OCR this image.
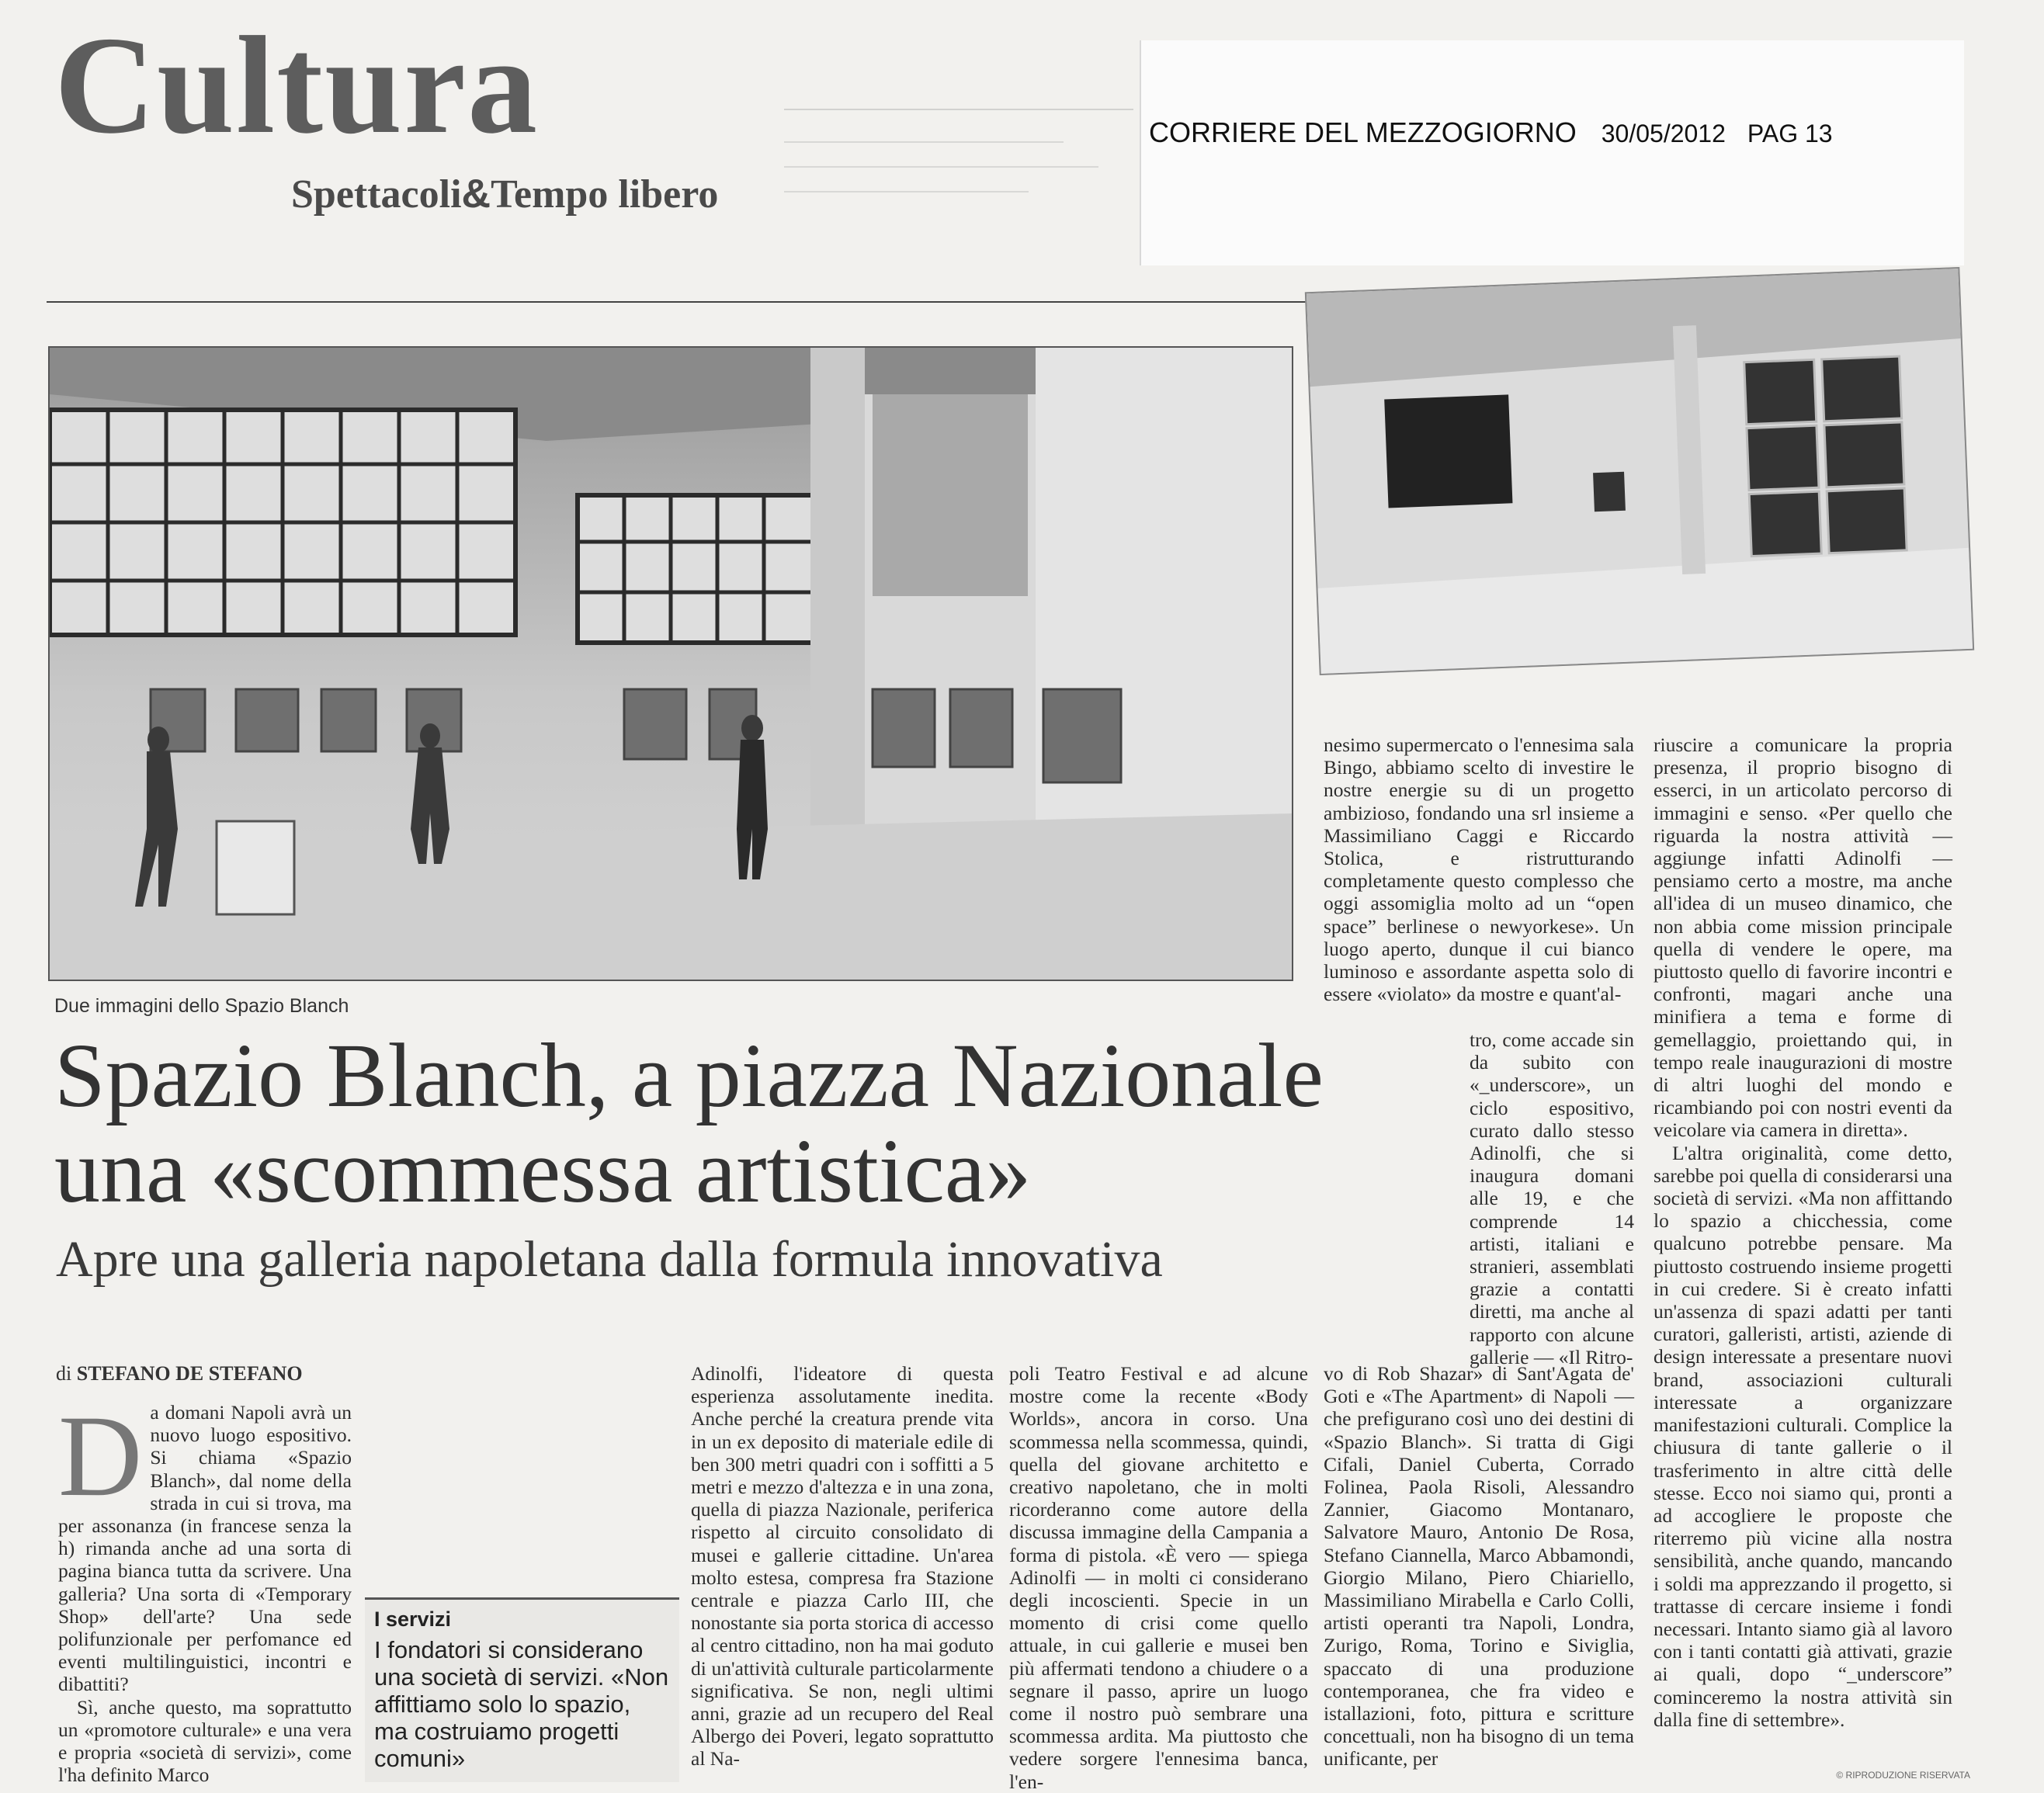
Cultura
Spettacoli&Tempo libero
CORRIERE DEL MEZZOGIORNO 30/05/2012 PAG 13
Due immagini dello Spazio Blanch
Spazio Blanch, a piazza Nazionale
una «scommessa artistica»
Apre una galleria napoletana dalla formula innovativa
di STEFANO DE STEFANO
D a domani Napoli avrà un nuovo luogo espositivo. Si chiama «Spazio Blanch», dal nome della strada in cui si trova, ma per assonanza (in francese senza la h) rimanda anche ad una sorta di pagina bianca tutta da scrivere. Una galleria? Una sorta di «Temporary Shop» dell'arte? Una sede polifunzionale per perfomance ed eventi multilinguistici, incontri e dibattiti?

Sì, anche questo, ma soprattutto un «promotore culturale» e una vera e propria «società di servizi», come l'ha definito Marco

Adinolfi, l'ideatore di questa esperienza assolutamente inedita. Anche perché la creatura prende vita in un ex deposito di materiale edile di ben 300 metri quadri con i soffitti a 5 metri e mezzo d'altezza e in una zona, quella di piazza Nazionale, periferica rispetto al circuito consolidato di musei e gallerie cittadine. Un'area molto estesa, compresa fra Stazione centrale e piazza Carlo III, che nonostante sia porta storica di accesso al centro cittadino, non ha mai goduto di un'attività culturale particolarmente significativa. Se non, negli ultimi anni, grazie ad un recupero del Real Albergo dei Poveri, legato soprattutto al Na-

I servizi
I fondatori si considerano una società di servizi. «Non affittiamo solo lo spazio, ma costruiamo progetti comuni»

poli Teatro Festival e ad alcune mostre come la recente «Body Worlds», ancora in corso. Una scommessa nella scommessa, quindi, quella del giovane architetto e creativo napoletano, che in molti ricorderanno come autore della discussa immagine della Campania a forma di pistola. «È vero — spiega Adinolfi — in molti ci considerano degli incoscienti. Specie in un momento di crisi come quello attuale, in cui gallerie e musei ben più affermati tendono a chiudere o a segnare il passo, aprire un luogo come il nostro può sembrare una scommessa ardita. Ma piuttosto che vedere sorgere l'ennesima banca, l'en-

nesimo supermercato o l'ennesima sala Bingo, abbiamo scelto di investire le nostre energie su di un progetto ambizioso, fondando una srl insieme a Massimiliano Caggi e Riccardo Stolica, e ristrutturando completamente questo complesso che oggi assomiglia molto ad un “open space” berlinese o newyorkese». Un luogo aperto, dunque il cui bianco luminoso e assordante aspetta solo di essere «violato» da mostre e quant'al-

tro, come accade sin da subito con «_underscore», un ciclo espositivo, curato dallo stesso Adinolfi, che si inaugura domani alle 19, e che comprende 14 artisti, italiani e stranieri, assemblati grazie a contatti diretti, ma anche al rapporto con alcune gallerie — «Il Ritro-

vo di Rob Shazar» di Sant'Agata de' Goti e «The Apartment» di Napoli — che prefigurano così uno dei destini di «Spazio Blanch». Si tratta di Gigi Cifali, Daniel Cuberta, Corrado Folinea, Paola Risoli, Alessandro Zannier, Giacomo Montanaro, Salvatore Mauro, Antonio De Rosa, Stefano Ciannella, Marco Abbamondi, Giorgio Milano, Piero Chiariello, Massimiliano Mirabella e Carlo Colli, artisti operanti tra Napoli, Londra, Zurigo, Roma, Torino e Siviglia, spaccato di una produzione contemporanea, che fra video e istallazioni, foto, pittura e scritture concettuali, non ha bisogno di un tema unificante, per

riuscire a comunicare la propria presenza, il proprio bisogno di esserci, in un articolato percorso di immagini e senso. «Per quello che riguarda la nostra attività — aggiunge infatti Adinolfi — pensiamo certo a mostre, ma anche all'idea di un museo dinamico, che non abbia come mission principale quella di vendere le opere, ma piuttosto quello di favorire incontri e confronti, magari anche una minifiera a tema e forme di gemellaggio, proiettando qui, in tempo reale inaugurazioni di mostre di altri luoghi del mondo e ricambiando poi con nostri eventi da veicolare via camera in diretta».

L'altra originalità, come detto, sarebbe poi quella di considerarsi una società di servizi. «Ma non affittando lo spazio a chicchessia, come qualcuno potrebbe pensare. Ma piuttosto costruendo insieme progetti in cui credere. Si è creato infatti un'assenza di spazi adatti per tanti curatori, galleristi, artisti, aziende di design interessate a presentare nuovi brand, associazioni culturali interessate a organizzare manifestazioni culturali. Complice la chiusura di tante gallerie o il trasferimento in altre città delle stesse. Ecco noi siamo qui, pronti a ad accogliere le proposte che riterremo più vicine alla nostra sensibilità, anche quando, mancando i soldi ma apprezzando il progetto, si trattasse di cercare insieme i fondi necessari. Intanto siamo già al lavoro con i tanti contatti già attivati, grazie ai quali, dopo “_underscore” cominceremo la nostra attività sin dalla fine di settembre».

© RIPRODUZIONE RISERVATA
